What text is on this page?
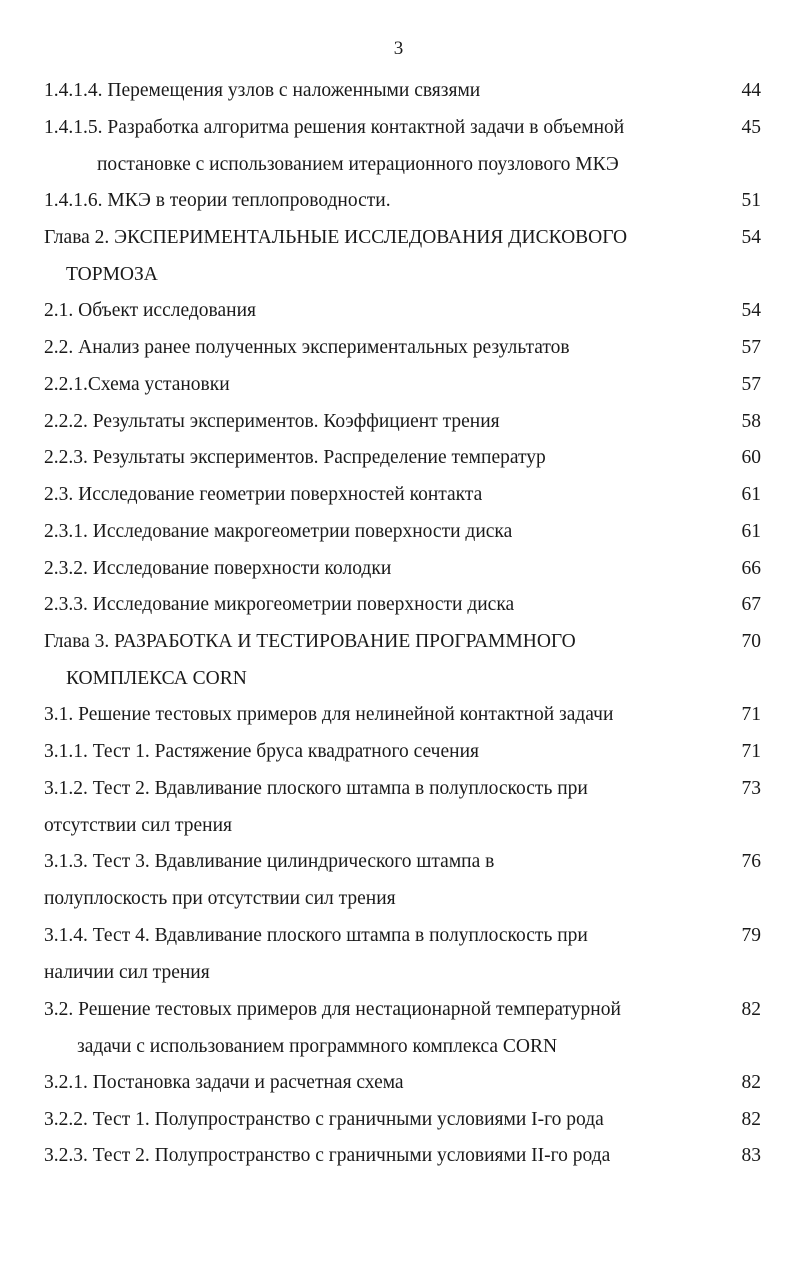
3
1.4.1.4. Перемещения узлов с наложенными связями	44
1.4.1.5. Разработка алгоритма решения контактной задачи в объемной	45
постановке с использованием итерационного поузлового МКЭ
1.4.1.6. МКЭ в теории теплопроводности.	51
Глава 2. ЭКСПЕРИМЕНТАЛЬНЫЕ ИССЛЕДОВАНИЯ ДИСКОВОГО	54
ТОРМОЗА
2.1. Объект исследования	54
2.2. Анализ ранее полученных экспериментальных результатов	57
2.2.1.Схема установки	57
2.2.2. Результаты экспериментов. Коэффициент трения	58
2.2.3. Результаты экспериментов. Распределение температур	60
2.3. Исследование геометрии поверхностей контакта	61
2.3.1. Исследование макрогеометрии поверхности диска	61
2.3.2. Исследование поверхности колодки	66
2.3.3. Исследование микрогеометрии поверхности диска	67
Глава 3. РАЗРАБОТКА И ТЕСТИРОВАНИЕ ПРОГРАММНОГО	70
КОМПЛЕКСА CORN
3.1. Решение тестовых примеров для нелинейной контактной задачи	71
3.1.1. Тест 1. Растяжение бруса квадратного сечения	71
3.1.2. Тест 2. Вдавливание плоского штампа в полуплоскость при	73
отсутствии сил трения
3.1.3. Тест 3. Вдавливание цилиндрического штампа в	76
полуплоскость при отсутствии сил трения
3.1.4. Тест 4. Вдавливание плоского штампа в полуплоскость при	79
наличии сил трения
3.2. Решение тестовых примеров для нестационарной температурной	82
задачи с использованием программного комплекса CORN
3.2.1. Постановка задачи и расчетная схема	82
3.2.2. Тест 1. Полупространство с граничными условиями I-го рода	82
3.2.3. Тест 2. Полупространство с граничными условиями II-го рода	83
